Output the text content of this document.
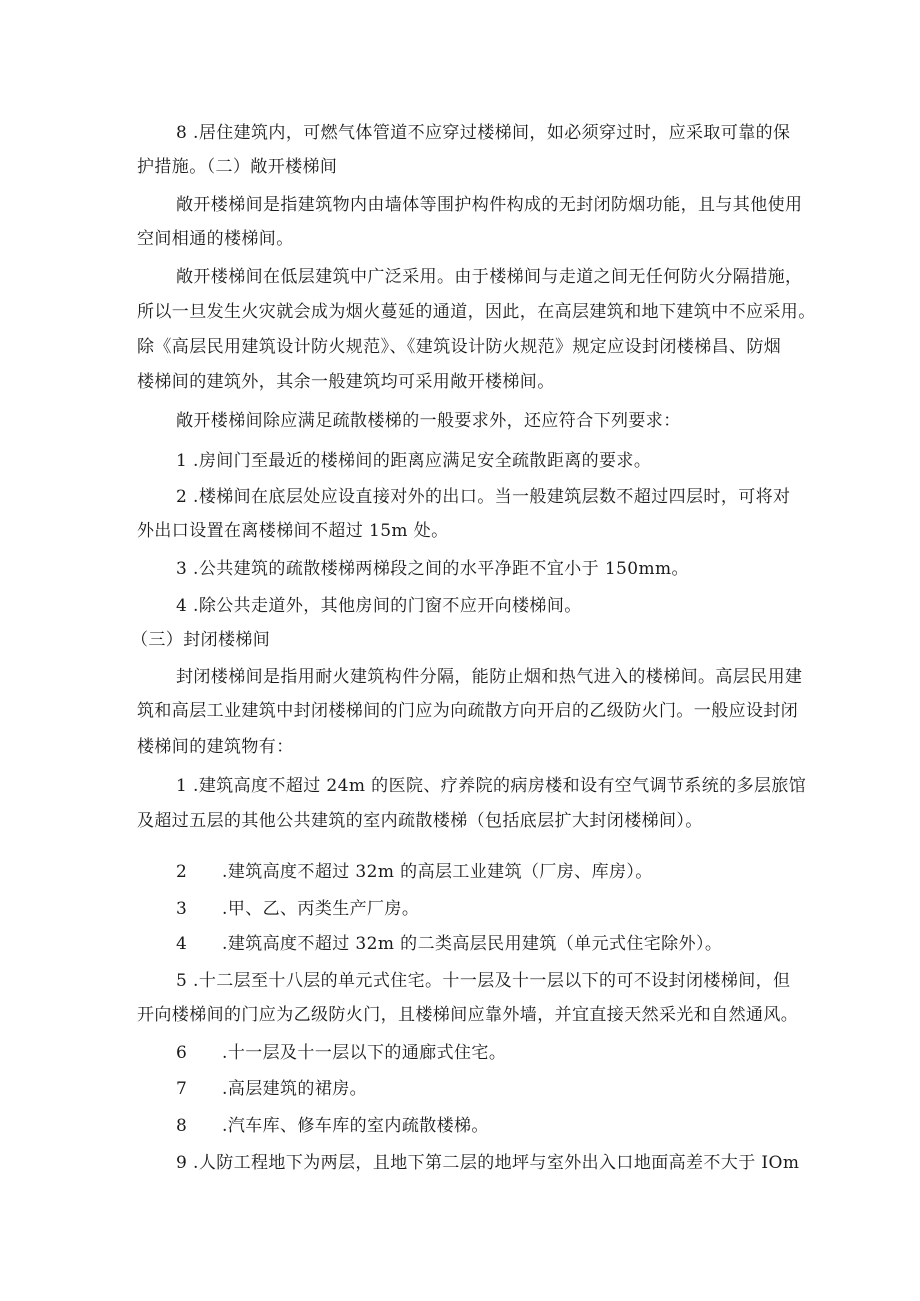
8 .居住建筑内，可燃气体管道不应穿过楼梯间，如必须穿过时，应采取可靠的保
护措施。（二）敞开楼梯间
敞开楼梯间是指建筑物内由墙体等围护构件构成的无封闭防烟功能，且与其他使用
空间相通的楼梯间。
敞开楼梯间在低层建筑中广泛采用。由于楼梯间与走道之间无任何防火分隔措施，
所以一旦发生火灾就会成为烟火蔓延的通道，因此，在高层建筑和地下建筑中不应采用。
除《高层民用建筑设计防火规范》、《建筑设计防火规范》规定应设封闭楼梯昌、防烟
楼梯间的建筑外，其余一般建筑均可采用敞开楼梯间。
敞开楼梯间除应满足疏散楼梯的一般要求外，还应符合下列要求：
1 .房间门至最近的楼梯间的距离应满足安全疏散距离的要求。
2 .楼梯间在底层处应设直接对外的出口。当一般建筑层数不超过四层时，可将对
外出口设置在离楼梯间不超过 15m 处。
3 .公共建筑的疏散楼梯两梯段之间的水平净距不宜小于 150mm。
4 .除公共走道外，其他房间的门窗不应开向楼梯间。
（三）封闭楼梯间
封闭楼梯间是指用耐火建筑构件分隔，能防止烟和热气进入的楼梯间。高层民用建
筑和高层工业建筑中封闭楼梯间的门应为向疏散方向开启的乙级防火门。一般应设封闭
楼梯间的建筑物有：
1 .建筑高度不超过 24m 的医院、疗养院的病房楼和设有空气调节系统的多层旅馆
及超过五层的其他公共建筑的室内疏散楼梯（包括底层扩大封闭楼梯间）。
2　　.建筑高度不超过 32m 的高层工业建筑（厂房、库房）。
3　　.甲、乙、丙类生产厂房。
4　　.建筑高度不超过 32m 的二类高层民用建筑（单元式住宅除外）。
5 .十二层至十八层的单元式住宅。十一层及十一层以下的可不设封闭楼梯间，但
开向楼梯间的门应为乙级防火门，且楼梯间应靠外墙，并宜直接天然采光和自然通风。
6　　.十一层及十一层以下的通廊式住宅。
7　　.高层建筑的裙房。
8　　.汽车库、修车库的室内疏散楼梯。
9 .人防工程地下为两层，且地下第二层的地坪与室外出入口地面高差不大于 IOm
